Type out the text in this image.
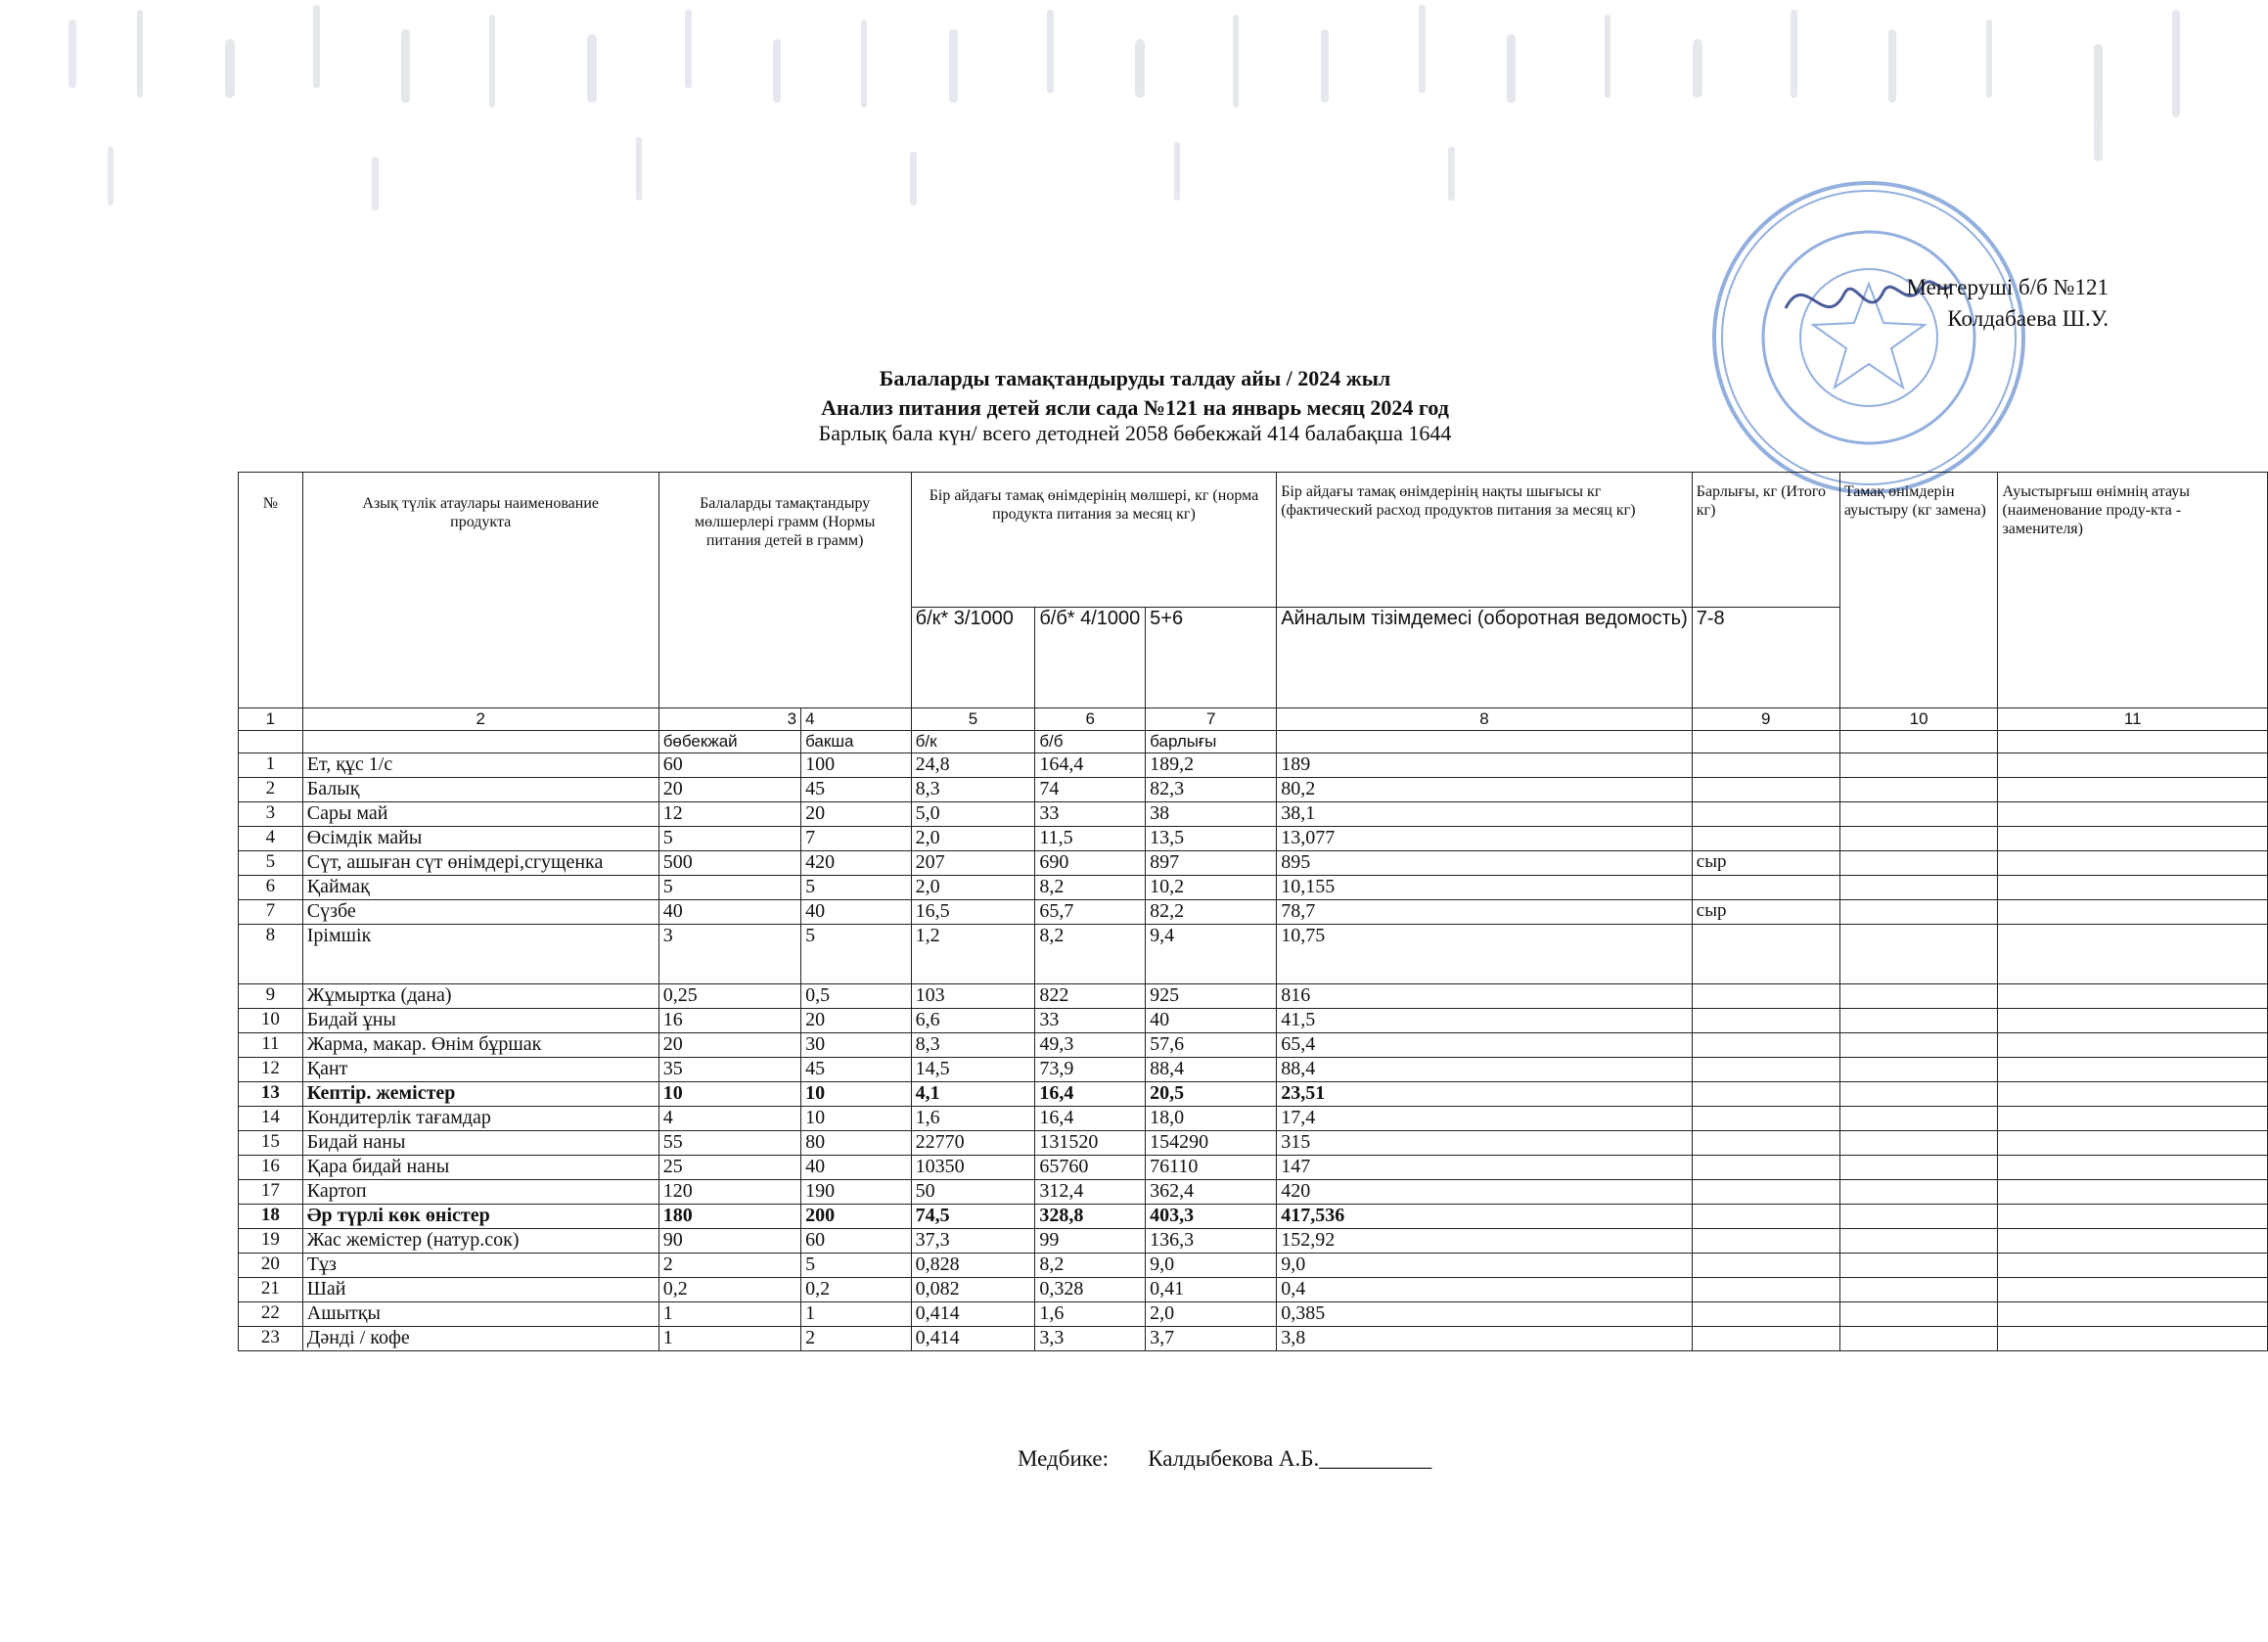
Меңгеруші б/б №121
Колдабаева Ш.У.
Балаларды тамақтандыруды талдау айы / 2024 жыл
Анализ питания детей ясли сада №121 на январь месяц 2024 год
Барлық бала күн/ всего детодней 2058 бөбекжай 414 балабақша 1644
№	Азық түлік атаулары наименование продукта	Балаларды тамақтандыру мөлшерлері грамм (Нормы питания детей в грамм)		Бір айдағы тамақ өнімдерінің мөлшері, кг (норма продукта питания за месяц кг)			Бір айдағы тамақ өнімдерінің нақты шығысы кг (фактический расход продуктов питания за месяц кг)	Барлығы, кг (Итого кг)	Тамақ өнімдерін ауыстыру (кг замена)	Ауыстырғыш өнімнің атауы (наименование проду-кта - заменителя)
				б/к* 3/1000	б/б* 4/1000	5+6	Айналым тізімдемесі (оборотная ведомость)	7-8		
1	2	3	4	5	6	7	8	9	10	11
		бөбекжай	бакша	б/к	б/б	барлығы				
1	Ет, құс 1/с	60	100	24,8	164,4	189,2	189			
2	Балық	20	45	8,3	74	82,3	80,2			
3	Сары май	12	20	5,0	33	38	38,1			
4	Өсімдік майы	5	7	2,0	11,5	13,5	13,077			
5	Сүт, ашыған сүт өнімдері,сгущенка	500	420	207	690	897	895	сыр		
6	Қаймақ	5	5	2,0	8,2	10,2	10,155			
7	Сүзбе	40	40	16,5	65,7	82,2	78,7	сыр		
8	Ірімшік	3	5	1,2	8,2	9,4	10,75			
9	Жұмыртка (дана)	0,25	0,5	103	822	925	816			
10	Бидай ұны	16	20	6,6	33	40	41,5			
11	Жарма, макар. Өнім бұршак	20	30	8,3	49,3	57,6	65,4			
12	Қант	35	45	14,5	73,9	88,4	88,4			
13	Кептір. жемістер	10	10	4,1	16,4	20,5	23,51			
14	Кондитерлік тағамдар	4	10	1,6	16,4	18,0	17,4			
15	Бидай наны	55	80	22770	131520	154290	315			
16	Қара бидай наны	25	40	10350	65760	76110	147			
17	Картоп	120	190	50	312,4	362,4	420			
18	Әр түрлі көк өністер	180	200	74,5	328,8	403,3	417,536			
19	Жас жемістер (натур.сок)	90	60	37,3	99	136,3	152,92			
20	Тұз	2	5	0,828	8,2	9,0	9,0			
21	Шай	0,2	0,2	0,082	0,328	0,41	0,4			
22	Ашытқы	1	1	0,414	1,6	2,0	0,385			
23	Дәнді / кофе	1	2	0,414	3,3	3,7	3,8			
Медбике: Калдыбекова А.Б.__________
